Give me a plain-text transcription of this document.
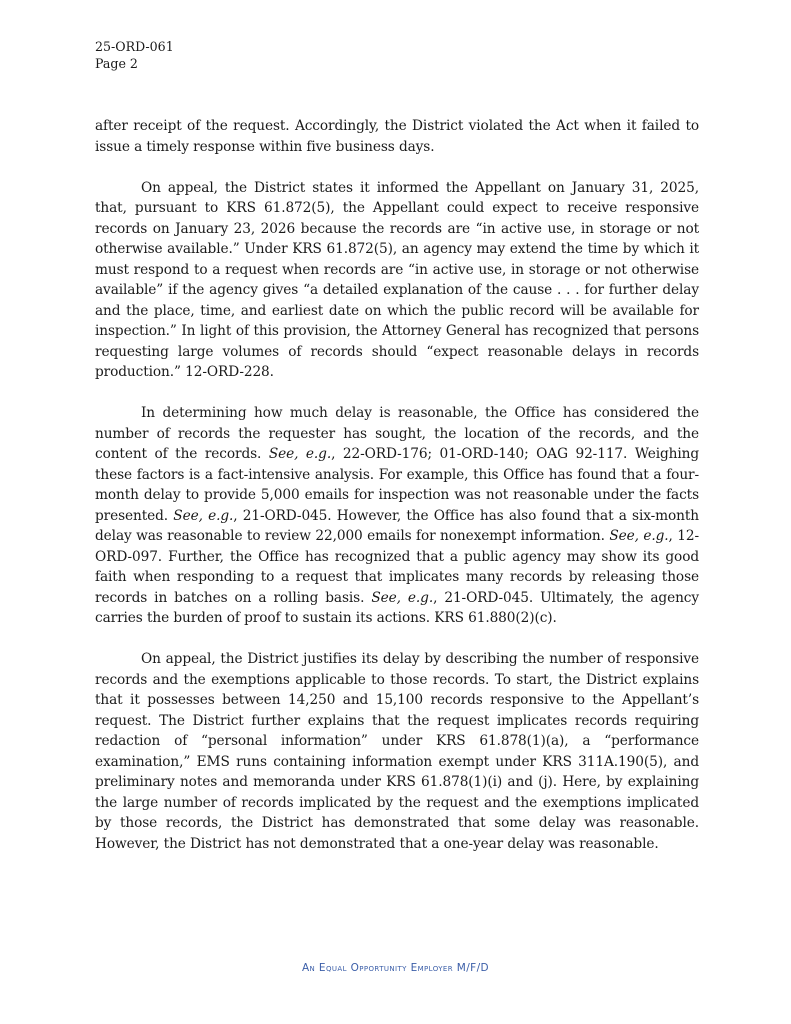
25-ORD-061
Page 2

after receipt of the request. Accordingly, the District violated the Act when it failed to issue a timely response within five business days.

On appeal, the District states it informed the Appellant on January 31, 2025, that, pursuant to KRS 61.872(5), the Appellant could expect to receive responsive records on January 23, 2026 because the records are “in active use, in storage or not otherwise available.” Under KRS 61.872(5), an agency may extend the time by which it must respond to a request when records are “in active use, in storage or not otherwise available” if the agency gives “a detailed explanation of the cause . . . for further delay and the place, time, and earliest date on which the public record will be available for inspection.” In light of this provision, the Attorney General has recognized that persons requesting large volumes of records should “expect reasonable delays in records production.” 12-ORD-228.

In determining how much delay is reasonable, the Office has considered the number of records the requester has sought, the location of the records, and the content of the records. See, e.g., 22-ORD-176; 01-ORD-140; OAG 92-117. Weighing these factors is a fact-intensive analysis. For example, this Office has found that a four-month delay to provide 5,000 emails for inspection was not reasonable under the facts presented. See, e.g., 21-ORD-045. However, the Office has also found that a six-month delay was reasonable to review 22,000 emails for nonexempt information. See, e.g., 12-ORD-097. Further, the Office has recognized that a public agency may show its good faith when responding to a request that implicates many records by releasing those records in batches on a rolling basis. See, e.g., 21-ORD-045. Ultimately, the agency carries the burden of proof to sustain its actions. KRS 61.880(2)(c).

On appeal, the District justifies its delay by describing the number of responsive records and the exemptions applicable to those records. To start, the District explains that it possesses between 14,250 and 15,100 records responsive to the Appellant’s request. The District further explains that the request implicates records requiring redaction of “personal information” under KRS 61.878(1)(a), a “performance examination,” EMS runs containing information exempt under KRS 311A.190(5), and preliminary notes and memoranda under KRS 61.878(1)(i) and (j). Here, by explaining the large number of records implicated by the request and the exemptions implicated by those records, the District has demonstrated that some delay was reasonable. However, the District has not demonstrated that a one-year delay was reasonable.

An Equal Opportunity Employer M/F/D
